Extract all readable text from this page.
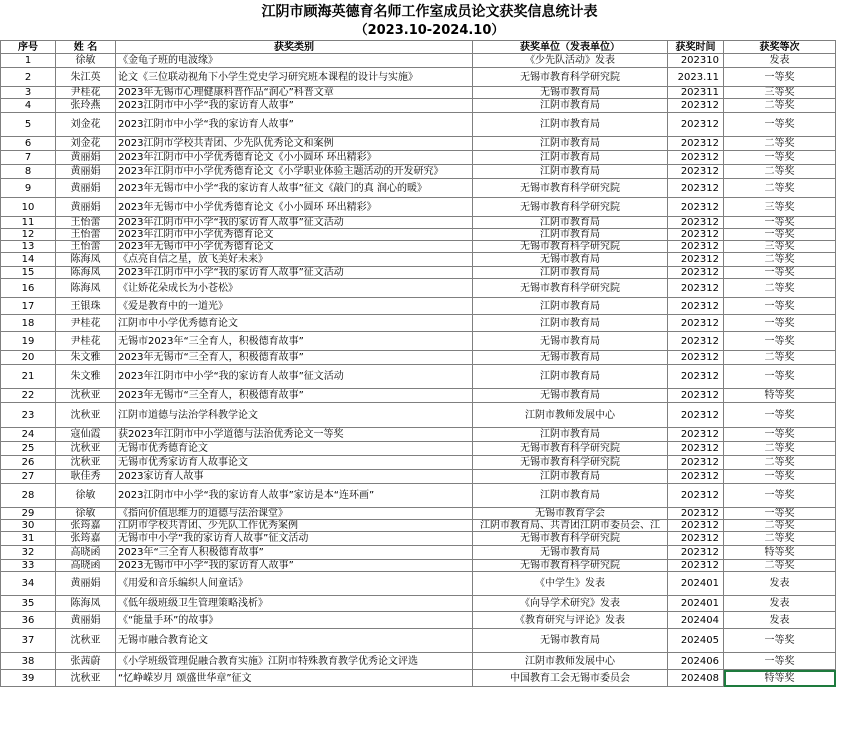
江阴市顾海英德育名师工作室成员论文获奖信息统计表
（2023.10-2024.10）
序号	姓 名	获奖类别	获奖单位（发表单位）	获奖时间	获奖等次
1	徐敏	《金龟子班的电波缘》	《少先队活动》发表	202310	发表
2	朱江英	论文《三位联动视角下小学生党史学习研究班本课程的设计与实施》	无锡市教育科学研究院	2023.11	一等奖
3	尹桂花	2023年无锡市心理健康科普作品“润心”科普文章	无锡市教育局	202311	三等奖
4	张玲燕	2023江阴市中小学“我的家访育人故事”	江阴市教育局	202312	二等奖
5	刘金花	2023江阴市中小学“我的家访育人故事”	江阴市教育局	202312	一等奖
6	刘金花	2023江阴市学校共青团、少先队优秀论文和案例	江阴市教育局	202312	二等奖
7	黄丽娟	2023年江阴市中小学优秀德育论文《小小圆环 环出精彩》	江阴市教育局	202312	一等奖
8	黄丽娟	2023年江阴市中小学优秀德育论文《小学职业体验主题活动的开发研究》	江阴市教育局	202312	二等奖
9	黄丽娟	2023年无锡市中小学“我的家访育人故事”征文《敲门的真 润心的暖》	无锡市教育科学研究院	202312	二等奖
10	黄丽娟	2023年无锡市中小学优秀德育论文《小小圆环 环出精彩》	无锡市教育科学研究院	202312	三等奖
11	王怡蕾	2023年江阴市中小学“我的家访育人故事”征文活动	江阴市教育局	202312	一等奖
12	王怡蕾	2023年江阴市中小学优秀德育论文	江阴市教育局	202312	一等奖
13	王怡蕾	2023年无锡市中小学优秀德育论文	无锡市教育科学研究院	202312	三等奖
14	陈海凤	《点亮自信之星，放飞美好未来》	无锡市教育局	202312	二等奖
15	陈海凤	2023年江阴市中小学“我的家访育人故事”征文活动	江阴市教育局	202312	一等奖
16	陈海凤	《让娇花朵成长为小苍松》	无锡市教育科学研究院	202312	二等奖
17	王银珠	《爱是教育中的一道光》	江阴市教育局	202312	一等奖
18	尹桂花	江阴市中小学优秀德育论文	江阴市教育局	202312	一等奖
19	尹桂花	无锡市2023年“三全育人，积极德育故事”	无锡市教育局	202312	一等奖
20	朱文雅	2023年无锡市“三全育人，积极德育故事”	无锡市教育局	202312	二等奖
21	朱文雅	2023年江阴市中小学“我的家访育人故事”征文活动	江阴市教育局	202312	一等奖
22	沈秋亚	2023年无锡市“三全育人，积极德育故事”	无锡市教育局	202312	特等奖
23	沈秋亚	江阴市道德与法治学科教学论文	江阴市教师发展中心	202312	一等奖
24	寇仙霞	获2023年江阴市中小学道德与法治优秀论文一等奖	江阴市教育局	202312	一等奖
25	沈秋亚	无锡市优秀德育论文	无锡市教育科学研究院	202312	二等奖
26	沈秋亚	无锡市优秀家访育人故事论文	无锡市教育科学研究院	202312	二等奖
27	耿佳秀	2023家访育人故事	江阴市教育局	202312	一等奖
28	徐敏	2023江阴市中小学“我的家访育人故事”家访是本“连环画”	江阴市教育局	202312	一等奖
29	徐敏	《指向价值思维力的道德与法治课堂》	无锡市教育学会	202312	一等奖
30	张筠嘉	江阴市学校共青团、少先队工作优秀案例	江阴市教育局、共青团江阴市委员会、江	202312	二等奖
31	张筠嘉	无锡市中小学“我的家访育人故事”征文活动	无锡市教育科学研究院	202312	二等奖
32	高晓函	2023年“三全育人积极德育故事”	无锡市教育局	202312	特等奖
33	高晓函	2023无锡市中小学“我的家访育人故事”	无锡市教育科学研究院	202312	二等奖
34	黄丽娟	《用爱和音乐编织人间童话》	《中学生》发表	202401	发表
35	陈海凤	《低年级班级卫生管理策略浅析》	《向导学术研究》发表	202401	发表
36	黄丽娟	《“能量手环”的故事》	《教育研究与评论》发表	202404	发表
37	沈秋亚	无锡市融合教育论文	无锡市教育局	202405	一等奖
38	张茜蔚	《小学班级管理促融合教育实施》江阴市特殊教育教学优秀论文评选	江阴市教师发展中心	202406	一等奖
39	沈秋亚	“忆峥嵘岁月 颂盛世华章”征文	中国教育工会无锡市委员会	202408	特等奖
